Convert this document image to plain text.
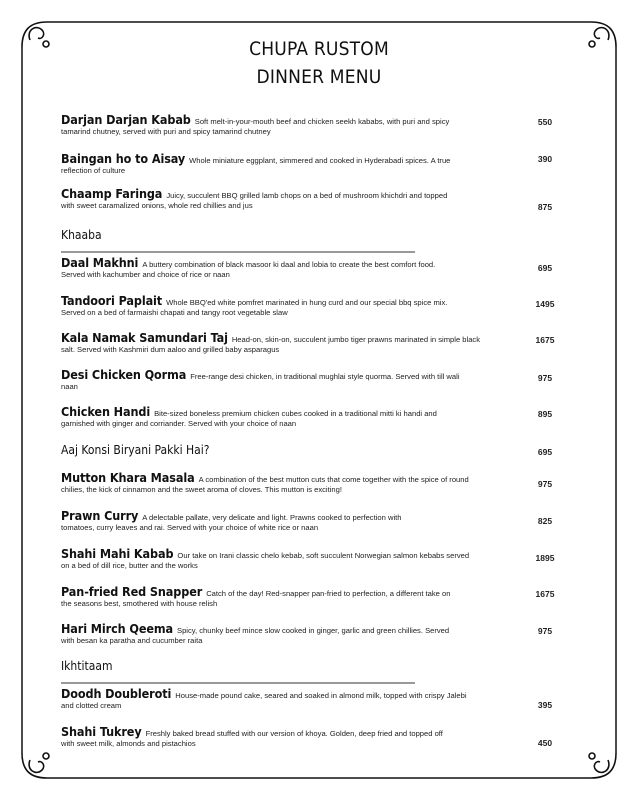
CHUPA RUSTOM
DINNER MENU
Darjan Darjan Kabab Soft melt-in-your-mouth beef and chicken seekh kababs, with puri and spicy
tamarind chutney, served with puri and spicy tamarind chutney
550
Baingan ho to Aisay Whole miniature eggplant, simmered and cooked in Hyderabadi spices. A true
reflection of culture
390
Chaamp Faringa Juicy, succulent BBQ grilled lamb chops on a bed of mushroom khichdri and topped
with sweet caramalized onions, whole red chillies and jus	875
Khaaba
Daal Makhni A buttery combination of black masoor ki daal and lobia to create the best comfort food.
Served with kachumber and choice of rice or naan
695
Tandoori Paplait Whole BBQ'ed white pomfret marinated in hung curd and our special bbq spice mix.
Served on a bed of farmaishi chapati and tangy root vegetable slaw
1495
Kala Namak Samundari Taj Head-on, skin-on, succulent jumbo tiger prawns marinated in simple black
salt. Served with Kashmiri dum aaloo and grilled baby asparagus
1675
Desi Chicken Qorma Free-range desi chicken, in traditional mughlai style quorma. Served with till wali
naan
975
Chicken Handi Bite-sized boneless premium chicken cubes cooked in a traditional mitti ki handi and
garnished with ginger and corriander. Served with your choice of naan
895
Aaj Konsi Biryani Pakki Hai?	695
Mutton Khara Masala A combination of the best mutton cuts that come together with the spice of round
chilies, the kick of cinnamon and the sweet aroma of cloves. This mutton is exciting!
975
Prawn Curry A delectable pallate, very delicate and light. Prawns cooked to perfection with
tomatoes, curry leaves and rai. Served with your choice of white rice or naan
825
Shahi Mahi Kabab Our take on Irani classic chelo kebab, soft succulent Norwegian salmon kebabs served
on a bed of dill rice, butter and the works
1895
Pan-fried Red Snapper Catch of the day! Red-snapper pan-fried to perfection, a different take on
the seasons best, smothered with house relish
1675
Hari Mirch Qeema Spicy, chunky beef mince slow cooked in ginger, garlic and green chillies. Served
with besan ka paratha and cucumber raita
975
Ikhtitaam
Doodh Doubleroti House-made pound cake, seared and soaked in almond milk, topped with crispy Jalebi
and clotted cream	395
Shahi Tukrey Freshly baked bread stuffed with our version of khoya. Golden, deep fried and topped off
with sweet milk, almonds and pistachios	450
